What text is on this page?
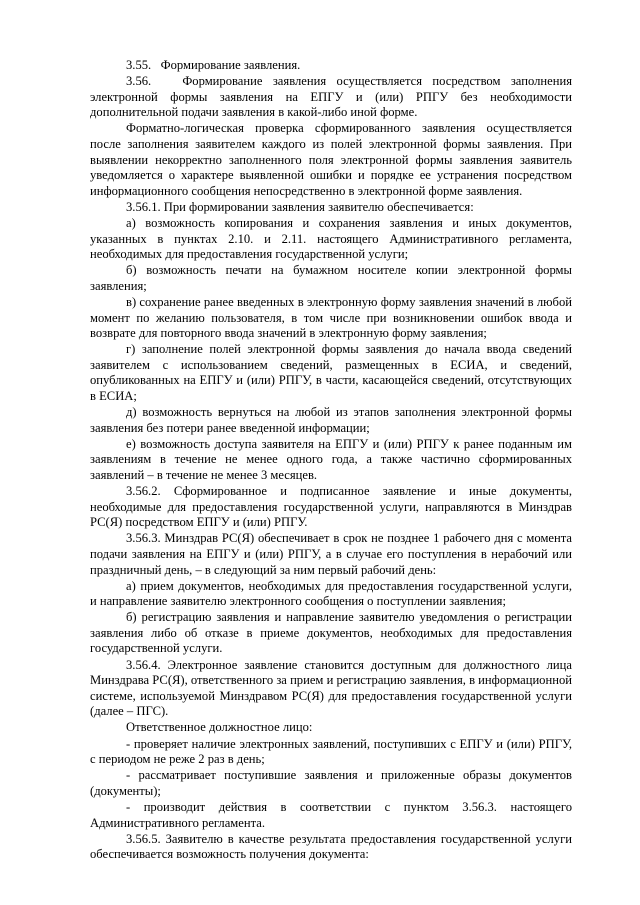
3.55.   Формирование заявления.

3.56.   Формирование заявления осуществляется посредством заполнения электронной формы заявления на ЕПГУ и (или) РПГУ без необходимости дополнительной подачи заявления в какой-либо иной форме.

Форматно-логическая проверка сформированного заявления осуществляется после заполнения заявителем каждого из полей электронной формы заявления. При выявлении некорректно заполненного поля электронной формы заявления заявитель уведомляется о характере выявленной ошибки и порядке ее устранения посредством информационного сообщения непосредственно в электронной форме заявления.

3.56.1. При формировании заявления заявителю обеспечивается:

а) возможность копирования и сохранения заявления и иных документов, указанных в пунктах 2.10. и 2.11. настоящего Административного регламента, необходимых для предоставления государственной услуги;

б) возможность печати на бумажном носителе копии электронной формы заявления;

в) сохранение ранее введенных в электронную форму заявления значений в любой момент по желанию пользователя, в том числе при возникновении ошибок ввода и возврате для повторного ввода значений в электронную форму заявления;

г) заполнение полей электронной формы заявления до начала ввода сведений заявителем с использованием сведений, размещенных в ЕСИА, и сведений, опубликованных на ЕПГУ и (или) РПГУ, в части, касающейся сведений, отсутствующих в ЕСИА;

д) возможность вернуться на любой из этапов заполнения электронной формы заявления без потери ранее введенной информации;

е) возможность доступа заявителя на ЕПГУ и (или) РПГУ к ранее поданным им заявлениям в течение не менее одного года, а также частично сформированных заявлений – в течение не менее 3 месяцев.

3.56.2. Сформированное и подписанное заявление и иные документы, необходимые для предоставления государственной услуги, направляются в Минздрав РС(Я) посредством ЕПГУ и (или) РПГУ.

3.56.3. Минздрав РС(Я) обеспечивает в срок не позднее 1 рабочего дня с момента подачи заявления на ЕПГУ и (или) РПГУ, а в случае его поступления в нерабочий или праздничный день, – в следующий за ним первый рабочий день:

а) прием документов, необходимых для предоставления государственной услуги, и направление заявителю электронного сообщения о поступлении заявления;

б) регистрацию заявления и направление заявителю уведомления о регистрации заявления либо об отказе в приеме документов, необходимых для предоставления государственной услуги.

3.56.4. Электронное заявление становится доступным для должностного лица Минздрава РС(Я), ответственного за прием и регистрацию заявления, в информационной системе, используемой Минздравом РС(Я) для предоставления государственной услуги (далее – ПГС).

Ответственное должностное лицо:

- проверяет наличие электронных заявлений, поступивших с ЕПГУ и (или) РПГУ, с периодом не реже 2 раз в день;

- рассматривает поступившие заявления и приложенные образы документов (документы);

- производит действия в соответствии с пунктом 3.56.3. настоящего Административного регламента.

3.56.5. Заявителю в качестве результата предоставления государственной услуги обеспечивается возможность получения документа:
